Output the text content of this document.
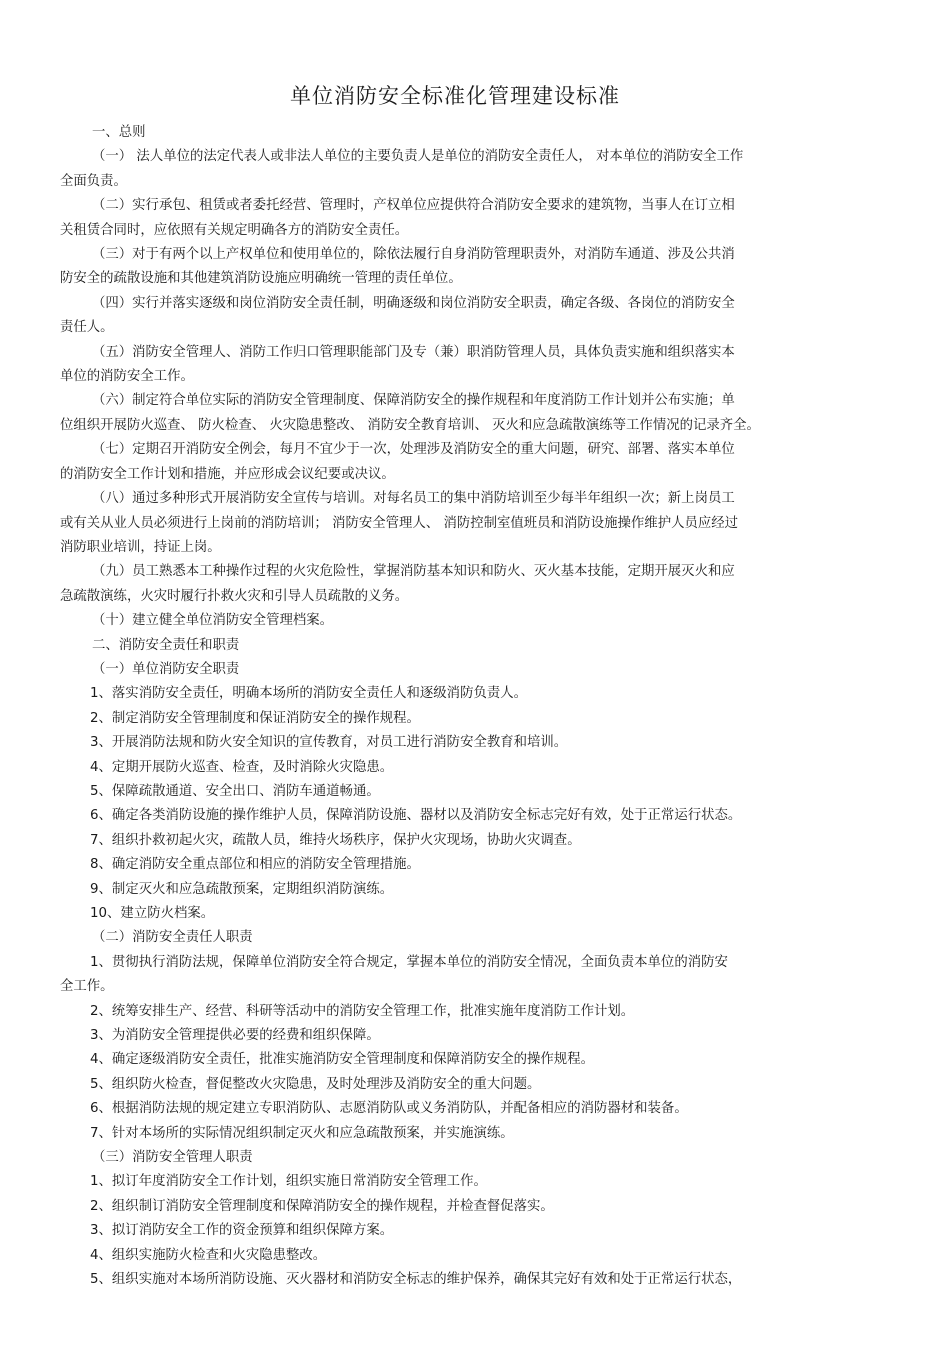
单位消防安全标准化管理建设标准

一、总则

（一） 法人单位的法定代表人或非法人单位的主要负责人是单位的消防安全责任人， 对本单位的消防安全工作

全面负责。

（二）实行承包、租赁或者委托经营、管理时，产权单位应提供符合消防安全要求的建筑物，当事人在订立相

关租赁合同时，应依照有关规定明确各方的消防安全责任。

（三）对于有两个以上产权单位和使用单位的，除依法履行自身消防管理职责外，对消防车通道、涉及公共消

防安全的疏散设施和其他建筑消防设施应明确统一管理的责任单位。

（四）实行并落实逐级和岗位消防安全责任制，明确逐级和岗位消防安全职责，确定各级、各岗位的消防安全

责任人。

（五）消防安全管理人、消防工作归口管理职能部门及专（兼）职消防管理人员，具体负责实施和组织落实本

单位的消防安全工作。

（六）制定符合单位实际的消防安全管理制度、保障消防安全的操作规程和年度消防工作计划并公布实施；单

位组织开展防火巡查、 防火检查、 火灾隐患整改、 消防安全教育培训、 灭火和应急疏散演练等工作情况的记录齐全。

（七）定期召开消防安全例会，每月不宜少于一次，处理涉及消防安全的重大问题，研究、部署、落实本单位

的消防安全工作计划和措施，并应形成会议纪要或决议。

（八）通过多种形式开展消防安全宣传与培训。对每名员工的集中消防培训至少每半年组织一次；新上岗员工

或有关从业人员必须进行上岗前的消防培训； 消防安全管理人、 消防控制室值班员和消防设施操作维护人员应经过

消防职业培训，持证上岗。

（九）员工熟悉本工种操作过程的火灾危险性，掌握消防基本知识和防火、灭火基本技能，定期开展灭火和应

急疏散演练，火灾时履行扑救火灾和引导人员疏散的义务。

（十）建立健全单位消防安全管理档案。

二、消防安全责任和职责

（一）单位消防安全职责

1、落实消防安全责任，明确本场所的消防安全责任人和逐级消防负责人。

2、制定消防安全管理制度和保证消防安全的操作规程。

3、开展消防法规和防火安全知识的宣传教育，对员工进行消防安全教育和培训。

4、定期开展防火巡查、检查，及时消除火灾隐患。

5、保障疏散通道、安全出口、消防车通道畅通。

6、确定各类消防设施的操作维护人员，保障消防设施、器材以及消防安全标志完好有效，处于正常运行状态。

7、组织扑救初起火灾，疏散人员，维持火场秩序，保护火灾现场，协助火灾调查。

8、确定消防安全重点部位和相应的消防安全管理措施。

9、制定灭火和应急疏散预案，定期组织消防演练。

10、建立防火档案。

（二）消防安全责任人职责

1、贯彻执行消防法规，保障单位消防安全符合规定，掌握本单位的消防安全情况，全面负责本单位的消防安

全工作。

2、统筹安排生产、经营、科研等活动中的消防安全管理工作，批准实施年度消防工作计划。

3、为消防安全管理提供必要的经费和组织保障。

4、确定逐级消防安全责任，批准实施消防安全管理制度和保障消防安全的操作规程。

5、组织防火检查，督促整改火灾隐患，及时处理涉及消防安全的重大问题。

6、根据消防法规的规定建立专职消防队、志愿消防队或义务消防队，并配备相应的消防器材和装备。

7、针对本场所的实际情况组织制定灭火和应急疏散预案，并实施演练。

（三）消防安全管理人职责

1、拟订年度消防安全工作计划，组织实施日常消防安全管理工作。

2、组织制订消防安全管理制度和保障消防安全的操作规程，并检查督促落实。

3、拟订消防安全工作的资金预算和组织保障方案。

4、组织实施防火检查和火灾隐患整改。

5、组织实施对本场所消防设施、灭火器材和消防安全标志的维护保养，确保其完好有效和处于正常运行状态，
